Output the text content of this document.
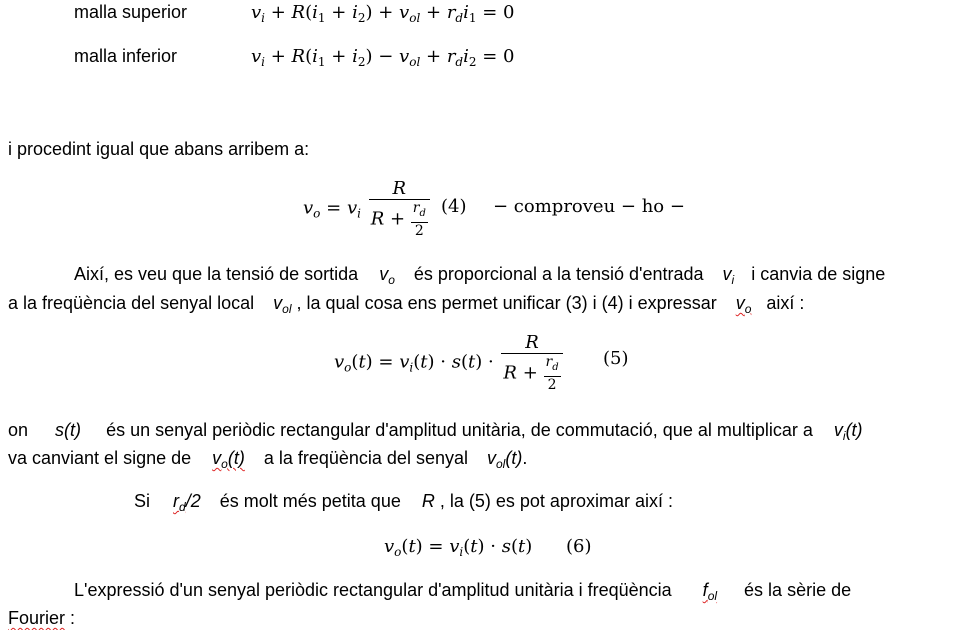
malla superior	$v_i + R(i_1 + i_2) + v_{ol} + r_di_1 = 0$
malla inferior	$v_i + R(i_1 + i_2) - v_{ol} + r_di_2 = 0$
i procedint igual que abans arribem a:
$v_o = v_i \frac{R}{R + \frac{r_d}{2}} (4)$ − comproveu − ho −
Així, es veu que la tensió de sortida $v_o$ és proporcional a la tensió d'entrada $v_i$ i canvia de signe
a la freqüència del senyal local $v_{ol}$ , la qual cosa ens permet unificar (3) i (4) i expressar $v_o$ així :
$v_o(t) = v_i(t) \cdot s(t) \cdot \frac{R}{R + \frac{r_d}{2}} (5)$
on s(t) és un senyal periòdic rectangular d'amplitud unitària, de commutació, que al multiplicar a $v_i(t)$
va canviant el signe de $v_o(t)$ a la freqüència del senyal $v_{ol}(t)$.
Si $r_d/2$ és molt més petita que R , la (5) es pot aproximar així :
$v_o(t) = v_i(t) \cdot s(t)$ (6)
L'expressió d'un senyal periòdic rectangular d'amplitud unitària i freqüència $f_{ol}$ és la sèrie de
Fourier :
